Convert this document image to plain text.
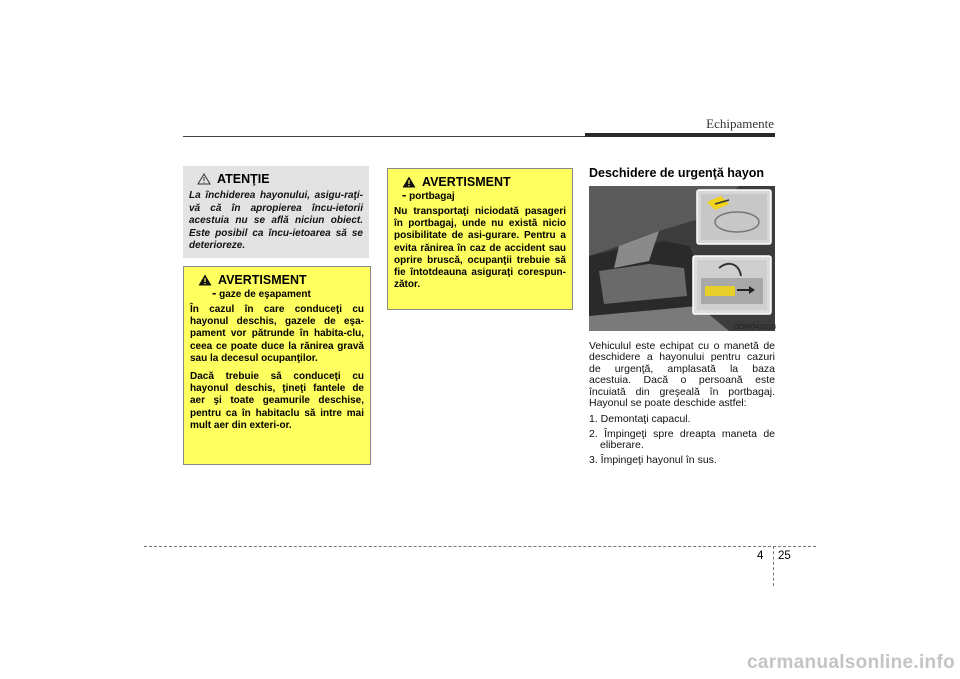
Echipamente
ATENŢIE
La închiderea hayonului, asigu-raţi-vă că în apropierea încu-ietorii acestuia nu se află niciun obiect. Este posibil ca încu-ietoarea să se deterioreze.
AVERTISMENT
- gaze de eşapament
În cazul în care conduceţi cu hayonul deschis, gazele de eşa-pament vor pătrunde în habita-clu, ceea ce poate duce la rănirea gravă sau la decesul ocupanţilor.
Dacă trebuie să conduceţi cu hayonul deschis, ţineţi fantele de aer şi toate geamurile deschise, pentru ca în habitaclu să intre mai mult aer din exteri-or.
AVERTISMENT
- portbagaj
Nu transportaţi niciodată pasageri în portbagaj, unde nu există nicio posibilitate de asi-gurare. Pentru a evita rănirea în caz de accident sau oprire bruscă, ocupanţii trebuie să fie întotdeauna asiguraţi corespun-zător.
Deschidere de urgenţă hayon
ODM042018
Vehiculul este echipat cu o manetă de deschidere a hayonului pentru cazuri de urgenţă, amplasată la baza acestuia. Dacă o persoană este încuiată din greşeală în portbagaj. Hayonul se poate deschide astfel:
1. Demontaţi capacul.
2. Împingeţi spre dreapta maneta de eliberare.
3. Împingeţi hayonul în sus.
4 25
carmanualsonline.info
